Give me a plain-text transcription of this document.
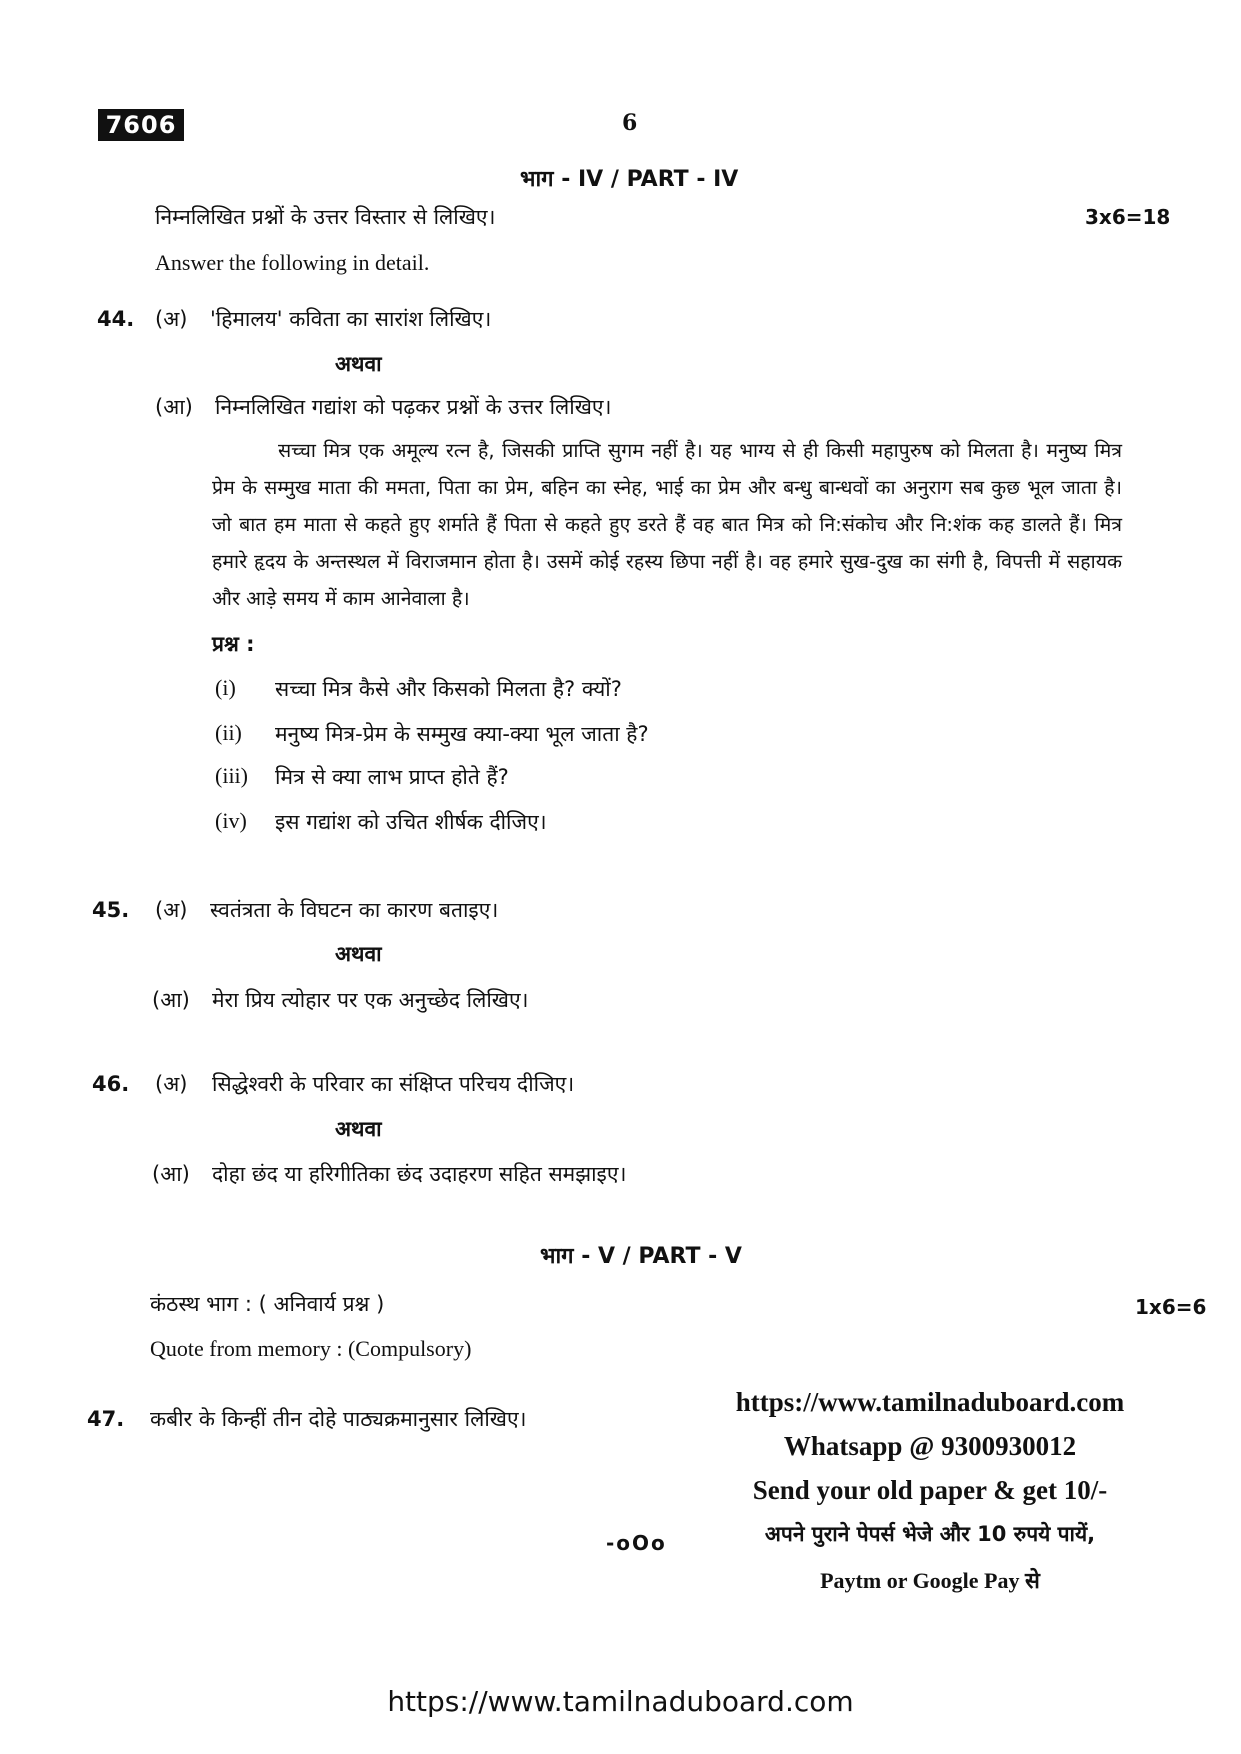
7606	6
भाग - IV / PART - IV
निम्नलिखित प्रश्नों के उत्तर विस्तार से लिखिए।	3x6=18
Answer the following in detail.
44. (अ) 'हिमालय' कविता का सारांश लिखिए।
अथवा
(आ) निम्नलिखित गद्यांश को पढ़कर प्रश्नों के उत्तर लिखिए।
सच्चा मित्र एक अमूल्य रत्न है, जिसकी प्राप्ति सुगम नहीं है। यह भाग्य से ही किसी महापुरुष को मिलता है। मनुष्य मित्र प्रेम के सम्मुख माता की ममता, पिता का प्रेम, बहिन का स्नेह, भाई का प्रेम और बन्धु बान्धवों का अनुराग सब कुछ भूल जाता है। जो बात हम माता से कहते हुए शर्माते हैं पिता से कहते हुए डरते हैं वह बात मित्र को नि:संकोच और नि:शंक कह डालते हैं। मित्र हमारे हृदय के अन्तस्थल में विराजमान होता है। उसमें कोई रहस्य छिपा नहीं है। वह हमारे सुख-दुख का संगी है, विपत्ती में सहायक और आड़े समय में काम आनेवाला है।
प्रश्न :
(i) सच्चा मित्र कैसे और किसको मिलता है? क्यों?
(ii) मनुष्य मित्र-प्रेम के सम्मुख क्या-क्या भूल जाता है?
(iii) मित्र से क्या लाभ प्राप्त होते हैं?
(iv) इस गद्यांश को उचित शीर्षक दीजिए।
45. (अ) स्वतंत्रता के विघटन का कारण बताइए।
अथवा
(आ) मेरा प्रिय त्योहार पर एक अनुच्छेद लिखिए।
46. (अ) सिद्धेश्वरी के परिवार का संक्षिप्त परिचय दीजिए।
अथवा
(आ) दोहा छंद या हरिगीतिका छंद उदाहरण सहित समझाइए।
भाग - V / PART - V
कंठस्थ भाग : ( अनिवार्य प्रश्न )	1x6=6
Quote from memory : (Compulsory)
47. कबीर के किन्हीं तीन दोहे पाठ्यक्रमानुसार लिखिए।
https://www.tamilnaduboard.com
Whatsapp @ 9300930012
Send your old paper & get 10/-
अपने पुराने पेपर्स भेजे और 10 रुपये पायें,
Paytm or Google Pay से
-oOo
https://www.tamilnaduboard.com
